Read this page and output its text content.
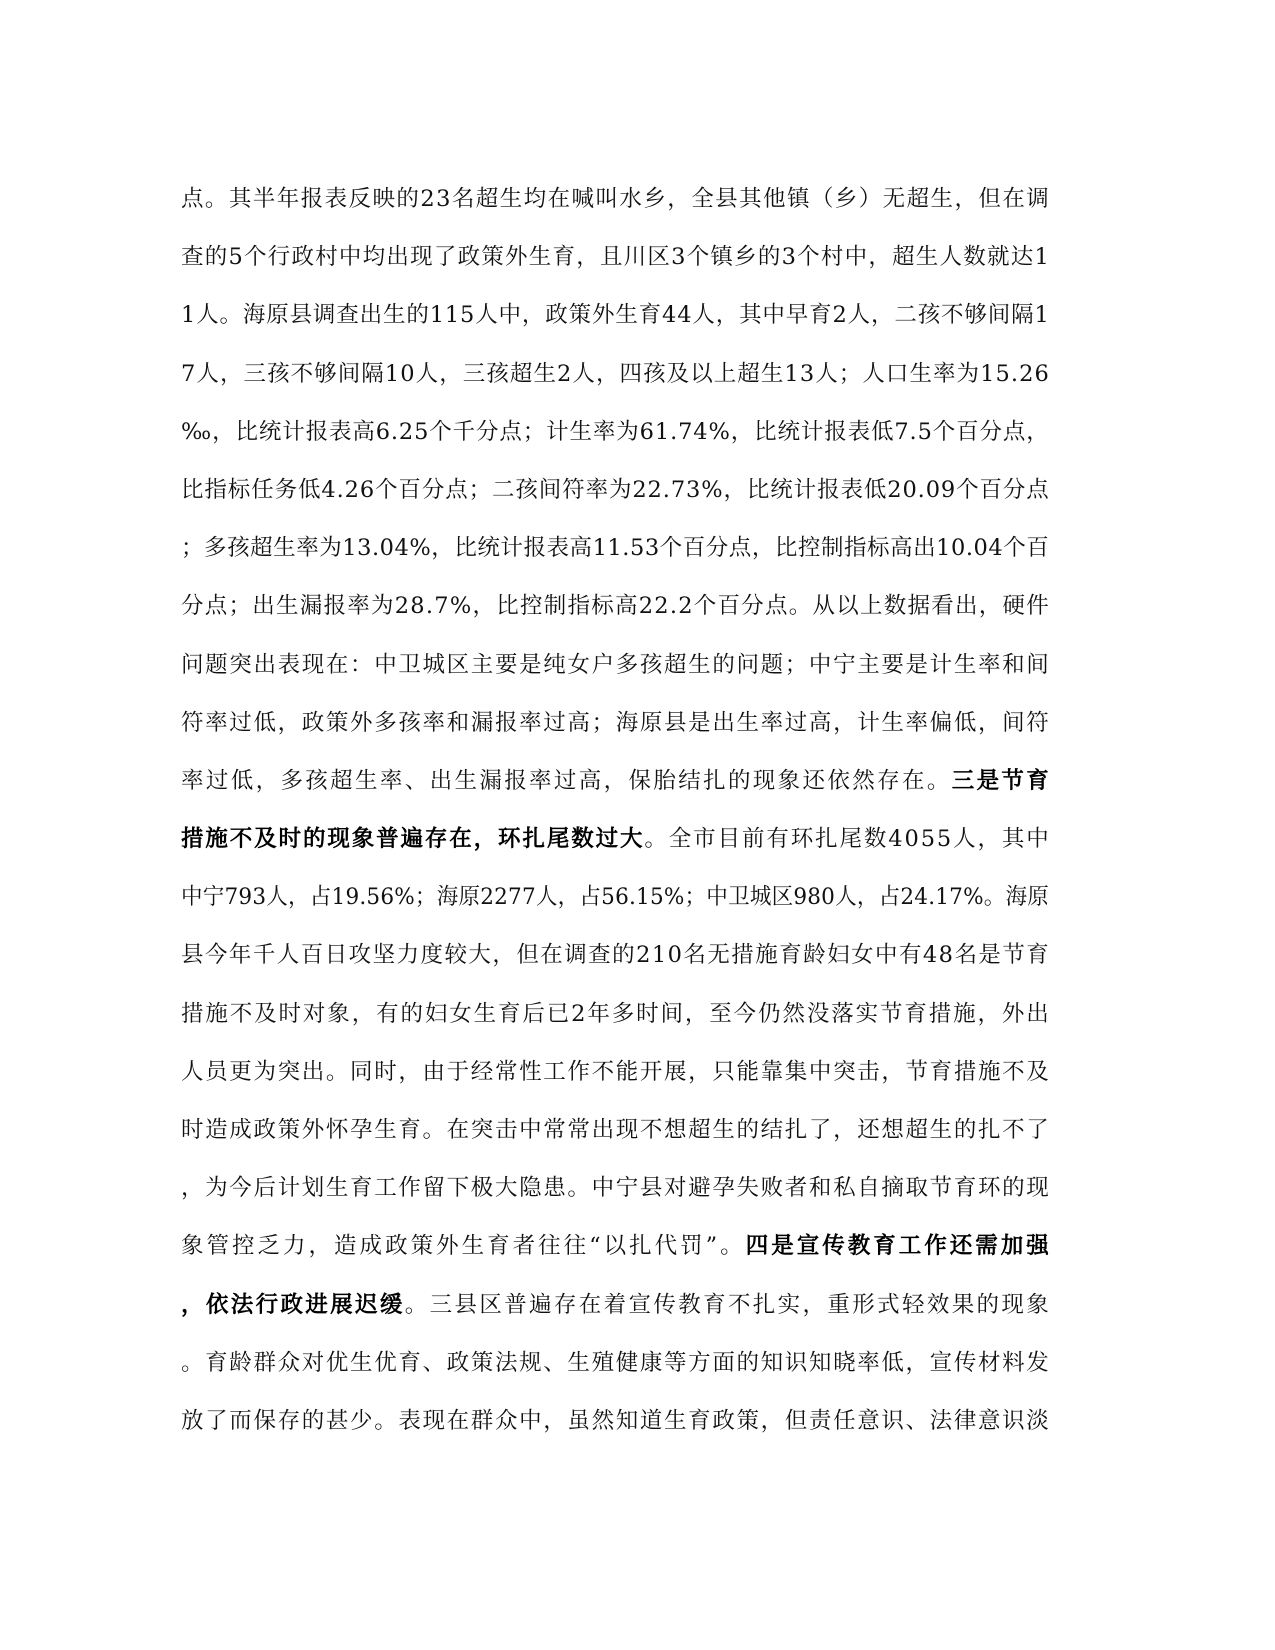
点。其半年报表反映的23名超生均在喊叫水乡，全县其他镇（乡）无超生，但在调
查的5个行政村中均出现了政策外生育，且川区3个镇乡的3个村中，超生人数就达1
1人。海原县调查出生的115人中，政策外生育44人，其中早育2人，二孩不够间隔1
7人，三孩不够间隔10人，三孩超生2人，四孩及以上超生13人；人口生率为15.26
‰，比统计报表高6.25个千分点；计生率为61.74%，比统计报表低7.5个百分点，
比指标任务低4.26个百分点；二孩间符率为22.73%，比统计报表低20.09个百分点
；多孩超生率为13.04%，比统计报表高11.53个百分点，比控制指标高出10.04个百
分点；出生漏报率为28.7%，比控制指标高22.2个百分点。从以上数据看出，硬件
问题突出表现在：中卫城区主要是纯女户多孩超生的问题；中宁主要是计生率和间
符率过低，政策外多孩率和漏报率过高；海原县是出生率过高，计生率偏低，间符
率过低，多孩超生率、出生漏报率过高，保胎结扎的现象还依然存在。三是节育
措施不及时的现象普遍存在，环扎尾数过大。全市目前有环扎尾数4055人，其中
中宁793人，占19.56%；海原2277人，占56.15%；中卫城区980人，占24.17%。海原
县今年千人百日攻坚力度较大，但在调查的210名无措施育龄妇女中有48名是节育
措施不及时对象，有的妇女生育后已2年多时间，至今仍然没落实节育措施，外出
人员更为突出。同时，由于经常性工作不能开展，只能靠集中突击，节育措施不及
时造成政策外怀孕生育。在突击中常常出现不想超生的结扎了，还想超生的扎不了
，为今后计划生育工作留下极大隐患。中宁县对避孕失败者和私自摘取节育环的现
象管控乏力，造成政策外生育者往往“以扎代罚”。四是宣传教育工作还需加强
，依法行政进展迟缓。三县区普遍存在着宣传教育不扎实，重形式轻效果的现象
。育龄群众对优生优育、政策法规、生殖健康等方面的知识知晓率低，宣传材料发
放了而保存的甚少。表现在群众中，虽然知道生育政策，但责任意识、法律意识淡
